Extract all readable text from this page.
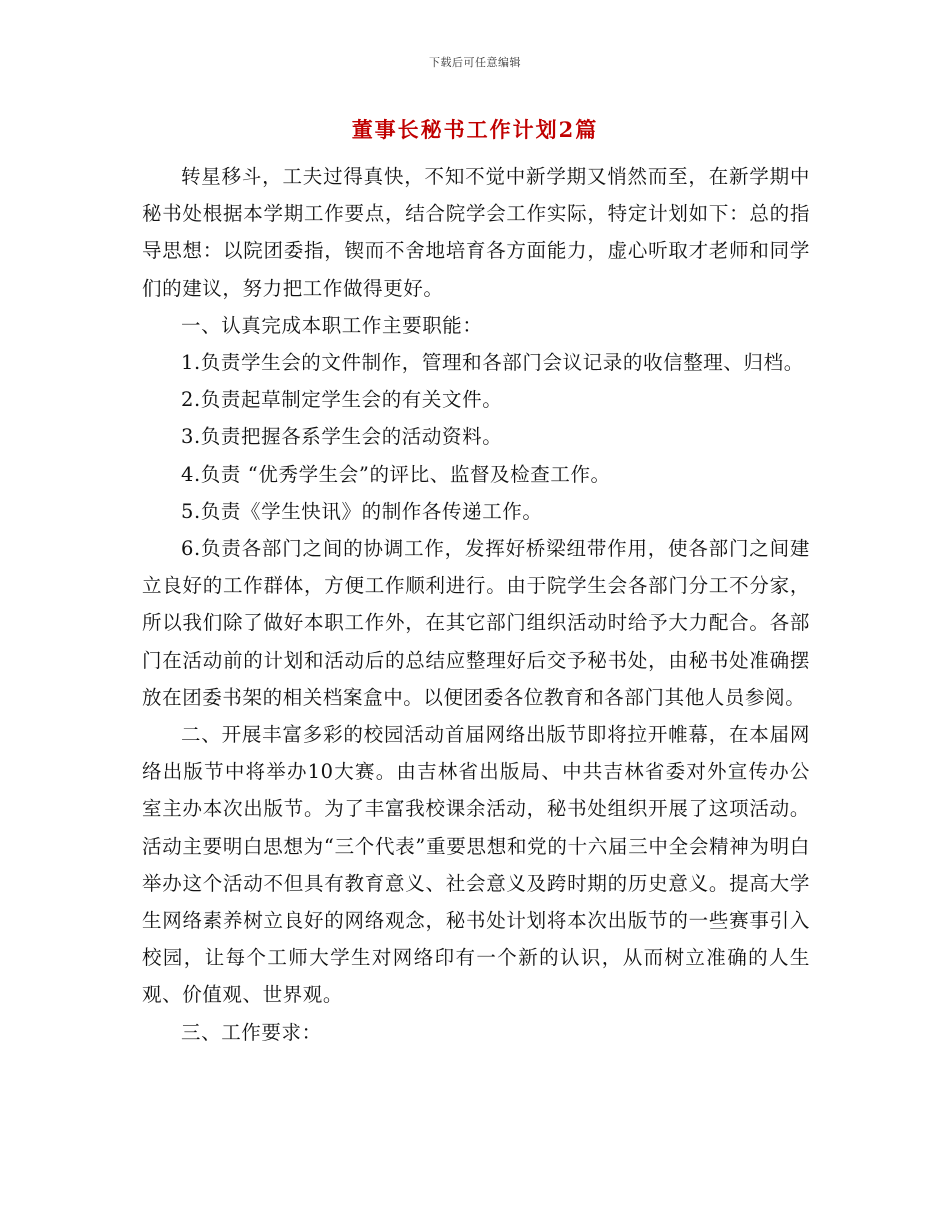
下载后可任意编辑
董事长秘书工作计划2篇

转星移斗，工夫过得真快，不知不觉中新学期又悄然而至，在新学期中秘书处根据本学期工作要点，结合院学会工作实际，特定计划如下：总的指导思想：以院团委指，锲而不舍地培育各方面能力，虚心听取才老师和同学们的建议，努力把工作做得更好。

一、认真完成本职工作主要职能：

1.负责学生会的文件制作，管理和各部门会议记录的收信整理、归档。

2.负责起草制定学生会的有关文件。

3.负责把握各系学生会的活动资料。

4.负责 “优秀学生会”的评比、监督及检查工作。

5.负责《学生快讯》的制作各传递工作。

6.负责各部门之间的协调工作，发挥好桥梁纽带作用，使各部门之间建立良好的工作群体，方便工作顺利进行。由于院学生会各部门分工不分家，所以我们除了做好本职工作外，在其它部门组织活动时给予大力配合。各部门在活动前的计划和活动后的总结应整理好后交予秘书处，由秘书处准确摆放在团委书架的相关档案盒中。以便团委各位教育和各部门其他人员参阅。

二、开展丰富多彩的校园活动首届网络出版节即将拉开帷幕，在本届网络出版节中将举办10大赛。由吉林省出版局、中共吉林省委对外宣传办公室主办本次出版节。为了丰富我校课余活动，秘书处组织开展了这项活动。活动主要明白思想为“三个代表”重要思想和党的十六届三中全会精神为明白举办这个活动不但具有教育意义、社会意义及跨时期的历史意义。提高大学生网络素养树立良好的网络观念，秘书处计划将本次出版节的一些赛事引入校园，让每个工师大学生对网络印有一个新的认识，从而树立准确的人生观、价值观、世界观。

三、工作要求：
